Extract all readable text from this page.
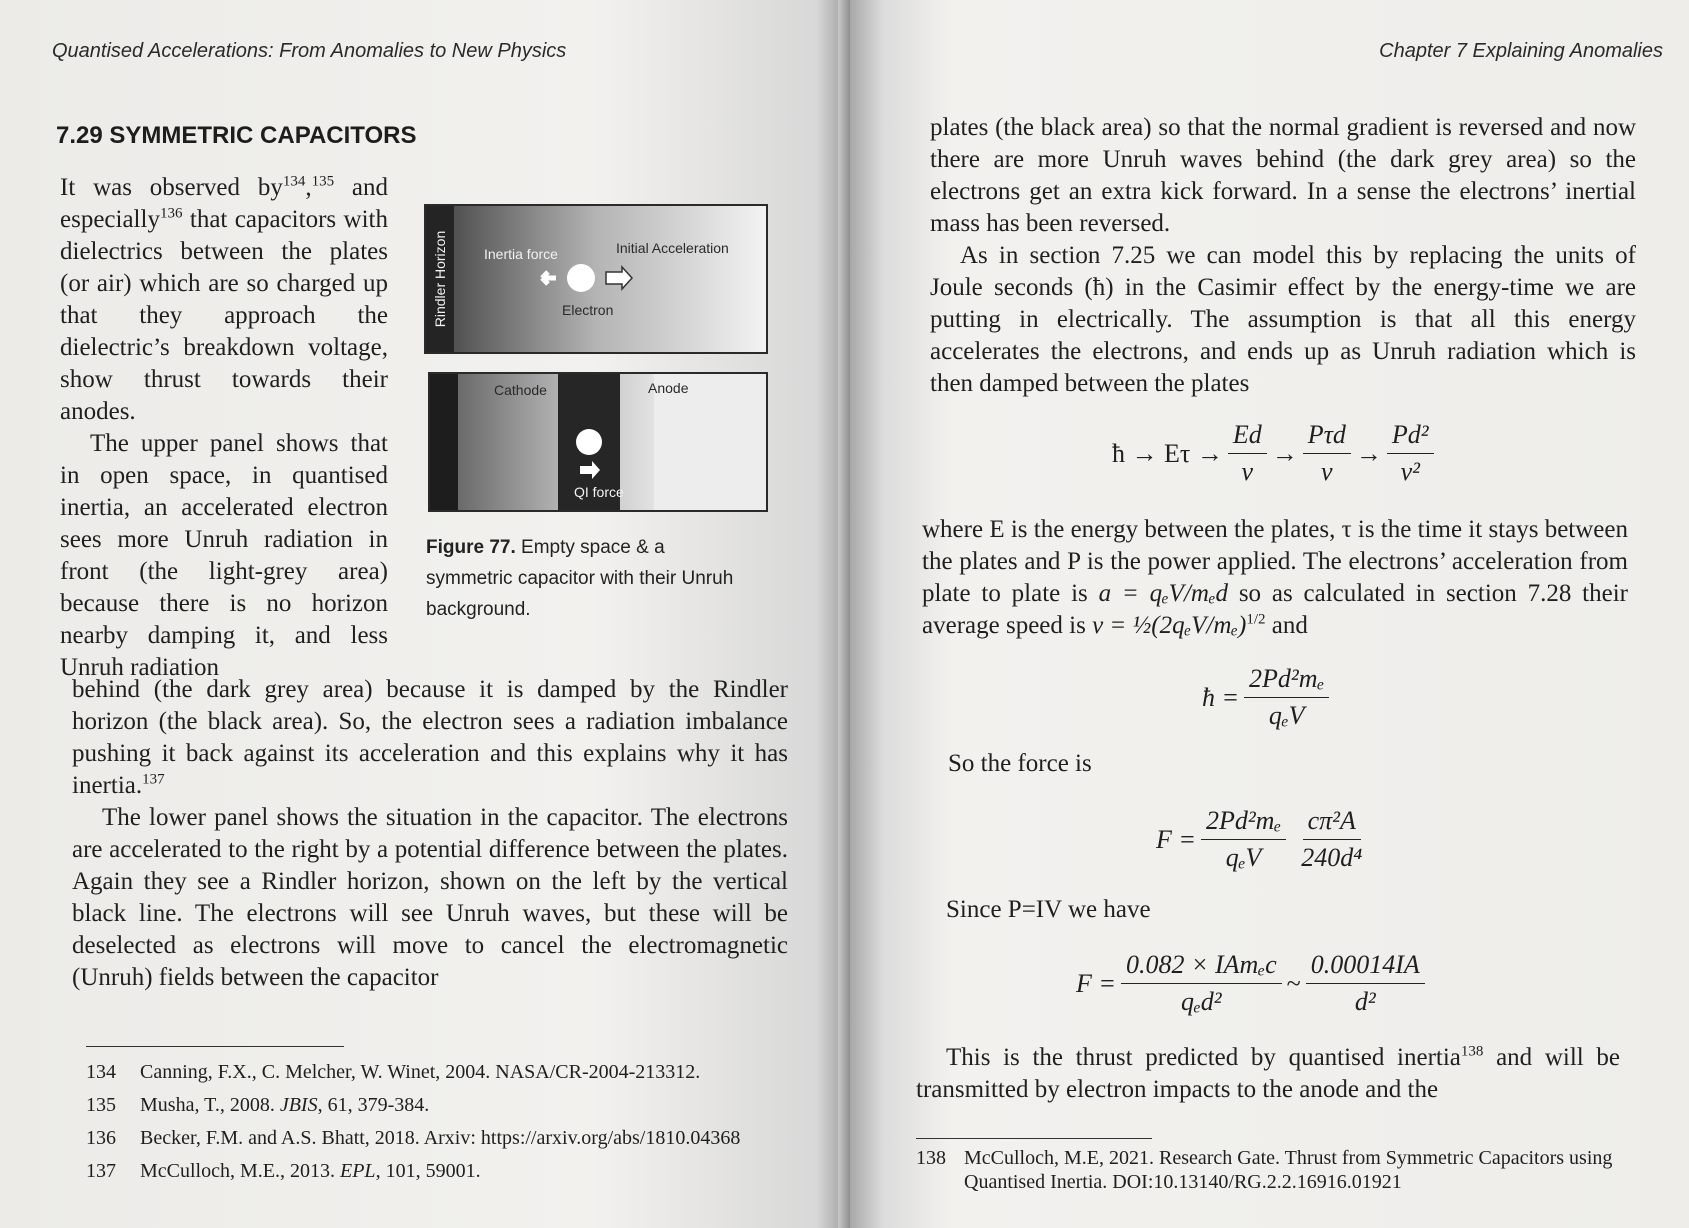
Quantised Accelerations: From Anomalies to New Physics
7.29 SYMMETRIC CAPACITORS

It was observed $by^{134},^{135}$ and especially$^{136}$ that capacitors with dielectrics between the plates (or air) which are so charged up that they approach the dielectric’s breakdown voltage, show thrust towards their anodes.

The upper panel shows that in open space, in quantised inertia, an accelerated electron sees more Unruh radiation in front (the light-grey area) because there is no horizon nearby damping it, and less Unruh radiation

Rindler Horizon	Inertia force	Initial Acceleration
Electron
Cathode	Anode
QI force
Figure 77. Empty space & a symmetric capacitor with their Unruh background.

behind (the dark grey area) because it is damped by the Rindler horizon (the black area). So, the electron sees a radiation imbalance pushing it back against its acceleration and this explains why it has inertia.$^{137}$

The lower panel shows the situation in the capacitor. The electrons are accelerated to the right by a potential difference between the plates. Again they see a Rindler horizon, shown on the left by the vertical black line. The electrons will see Unruh waves, but these will be deselected as electrons will move to cancel the electromagnetic (Unruh) fields between the capacitor

134	Canning, F.X., C. Melcher, W. Winet, 2004. NASA/CR-2004-213312.
135	Musha, T., 2008. JBIS, 61, 379-384.
136	Becker, F.M. and A.S. Bhatt, 2018. Arxiv: https://arxiv.org/abs/1810.04368
137	McCulloch, M.E., 2013. EPL, 101, 59001.
Chapter 7 Explaining Anomalies

plates (the black area) so that the normal gradient is reversed and now there are more Unruh waves behind (the dark grey area) so the electrons get an extra kick forward. In a sense the electrons’ inertial mass has been reversed.

As in section 7.25 we can model this by replacing the units of Joule seconds (ħ) in the Casimir effect by the energy-time we are putting in electrically. The assumption is that all this energy accelerates the electrons, and ends up as Unruh radiation which is then damped between the plates

ħ → $E\tau \to \frac{Ed}{v} \to \frac{\text{Pτd}}{v} \to \frac{\text{Pd²}}{\text{v²}}$

where E is the energy between the plates, τ is the time it stays between the plates and P is the power applied. The electrons’ acceleration from plate to plate is a = qₑV/mₑd so as calculated in section 7.28 their average speed is $v = \frac{1}{2}(2q_eV/m_e)^{1/2}$ and

ħ = $\frac{\text{2Pd²mₑ}}{\text{qₑV}}$
So the force is
$F = \frac{\text{2Pd²mₑ}}{\text{qₑV}} \frac{\text{cπ²A}}{\text{240d⁴}}$
Since P=IV we have
$F = \frac{\text{0.082 × IAmₑc}}{\text{qₑd²}}$ ~ $\frac{0.00014IA}{\text{d²}}$

This is the thrust predicted by quantised inertia$^{138}$ and will be transmitted by electron impacts to the anode and the

138 McCulloch, M.E, 2021. Research Gate. Thrust from Symmetric Capacitors using Quantised Inertia. DOI:10.13140/RG.2.2.16916.01921
